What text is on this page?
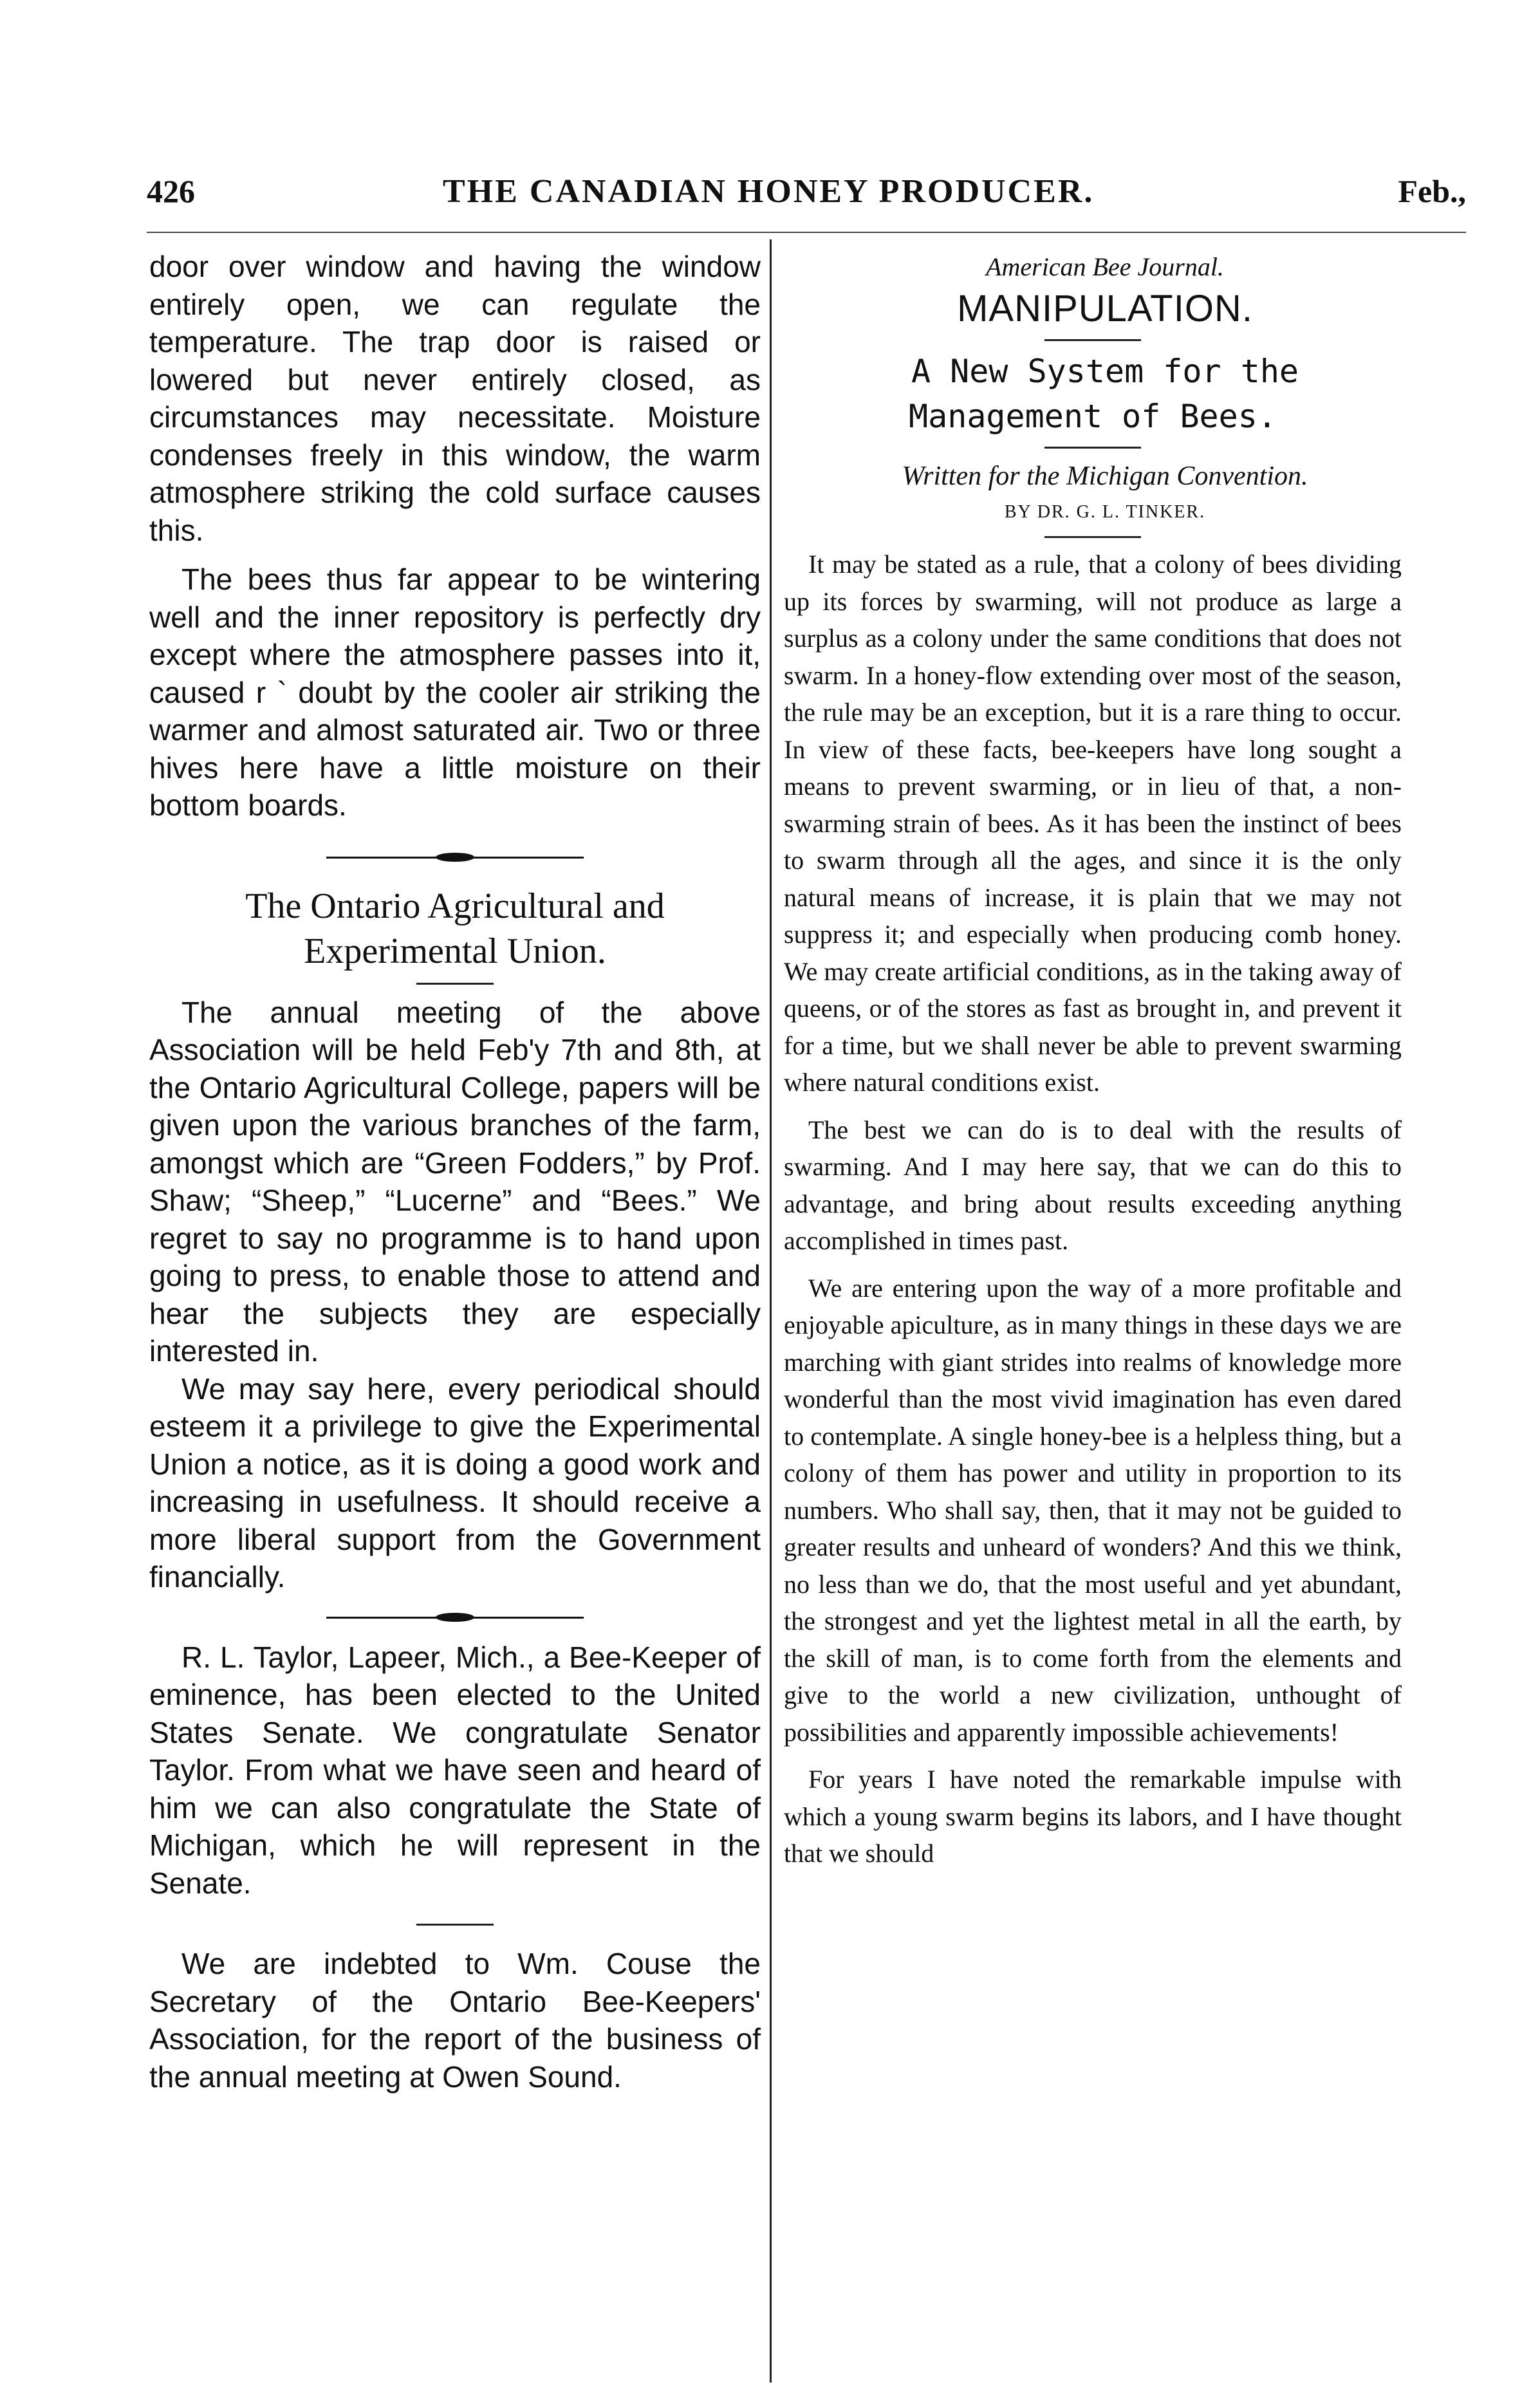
426	THE CANADIAN HONEY PRODUCER.	Feb.,

door over window and having the window entirely open, we can regulate the temperature. The trap door is raised or lowered but never entirely closed, as circumstances may necessitate. Moisture condenses freely in this window, the warm atmosphere striking the cold surface causes this.

The bees thus far appear to be wintering well and the inner repository is perfectly dry except where the atmosphere passes into it, caused r ` doubt by the cooler air striking the warmer and almost saturated air. Two or three hives here have a little moisture on their bottom boards.

The Ontario Agricultural and Experimental Union.

The annual meeting of the above Association will be held Feb'y 7th and 8th, at the Ontario Agricultural College, papers will be given upon the various branches of the farm, amongst which are “Green Fodders,” by Prof. Shaw; “Sheep,” “Lucerne” and “Bees.” We regret to say no programme is to hand upon going to press, to enable those to attend and hear the subjects they are especially interested in.

We may say here, every periodical should esteem it a privilege to give the Experimental Union a notice, as it is doing a good work and increasing in usefulness. It should receive a more liberal support from the Government financially.

R. L. Taylor, Lapeer, Mich., a Bee-Keeper of eminence, has been elected to the United States Senate. We congratulate Senator Taylor. From what we have seen and heard of him we can also congratulate the State of Michigan, which he will represent in the Senate.

We are indebted to Wm. Couse the Secretary of the Ontario Bee-Keepers' Association, for the report of the business of the annual meeting at Owen Sound.

American Bee Journal.

MANIPULATION.

A New System for the Management of Bees.

Written for the Michigan Convention.

BY DR. G. L. TINKER.

It may be stated as a rule, that a colony of bees dividing up its forces by swarming, will not produce as large a surplus as a colony under the same conditions that does not swarm. In a honey-flow extending over most of the season, the rule may be an exception, but it is a rare thing to occur. In view of these facts, bee-keepers have long sought a means to prevent swarming, or in lieu of that, a non-swarming strain of bees. As it has been the instinct of bees to swarm through all the ages, and since it is the only natural means of increase, it is plain that we may not suppress it; and especially when producing comb honey. We may create artificial conditions, as in the taking away of queens, or of the stores as fast as brought in, and prevent it for a time, but we shall never be able to prevent swarming where natural conditions exist.

The best we can do is to deal with the results of swarming. And I may here say, that we can do this to advantage, and bring about results exceeding anything accomplished in times past.

We are entering upon the way of a more profitable and enjoyable apiculture, as in many things in these days we are marching with giant strides into realms of knowledge more wonderful than the most vivid imagination has even dared to contemplate. A single honey-bee is a helpless thing, but a colony of them has power and utility in proportion to its numbers. Who shall say, then, that it may not be guided to greater results and unheard of wonders? And this we think, no less than we do, that the most useful and yet abundant, the strongest and yet the lightest metal in all the earth, by the skill of man, is to come forth from the elements and give to the world a new civilization, unthought of possibilities and apparently impossible achievements!

For years I have noted the remarkable impulse with which a young swarm begins its labors, and I have thought that we should
